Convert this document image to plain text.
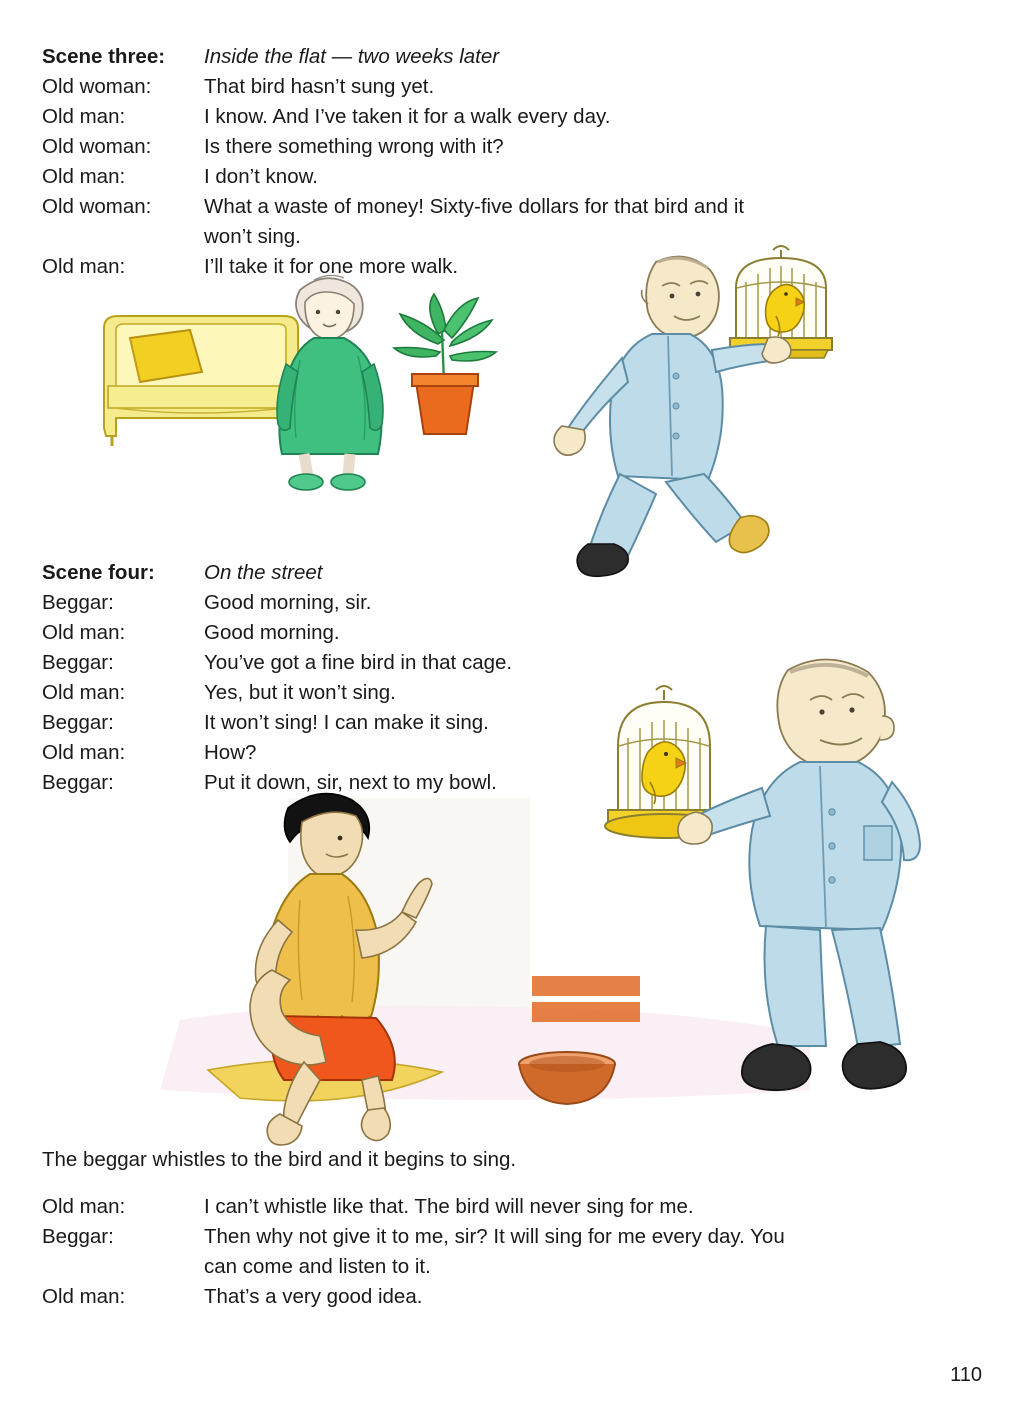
Scene three:	Inside the flat — two weeks later
Old woman:	That bird hasn’t sung yet.
Old man:	I know. And I’ve taken it for a walk every day.
Old woman:	Is there something wrong with it?
Old man:	I don’t know.
Old woman:	What a waste of money! Sixty-five dollars for that bird and it
won’t sing.
Old man:	I’ll take it for one more walk.
Scene four:	On the street
Beggar:	Good morning, sir.
Old man:	Good morning.
Beggar:	You’ve got a fine bird in that cage.
Old man:	Yes, but it won’t sing.
Beggar:	It won’t sing! I can make it sing.
Old man:	How?
Beggar:	Put it down, sir, next to my bowl.
The beggar whistles to the bird and it begins to sing.
Old man:	I can’t whistle like that. The bird will never sing for me.
Beggar:	Then why not give it to me, sir? It will sing for me every day. You
can come and listen to it.
Old man:	That’s a very good idea.
110
